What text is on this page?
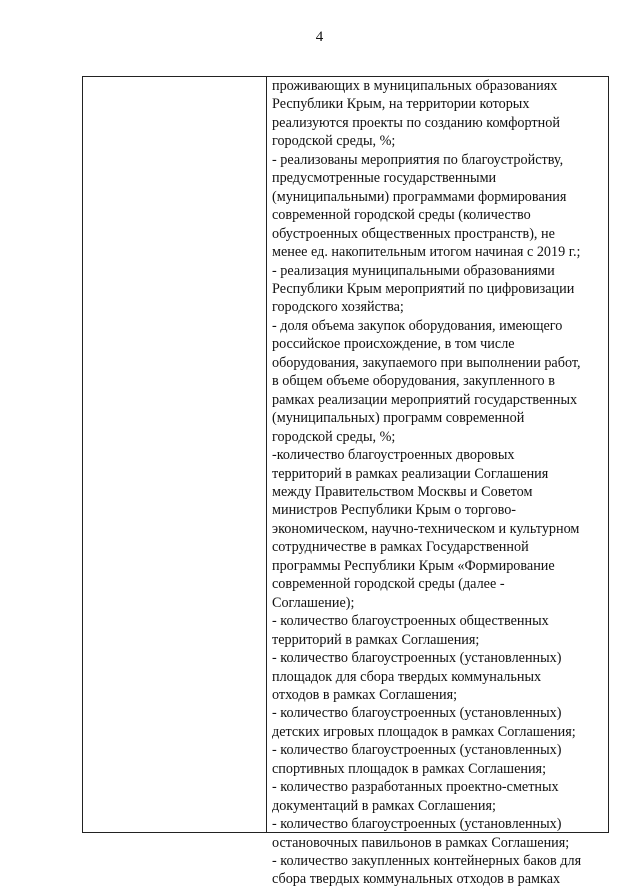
4
проживающих в муниципальных образованиях
Республики Крым, на территории которых
реализуются проекты по созданию комфортной
городской среды, %;
- реализованы мероприятия по благоустройству,
предусмотренные государственными
(муниципальными) программами формирования
современной городской среды (количество
обустроенных общественных пространств), не
менее ед. накопительным итогом начиная с 2019 г.;
- реализация муниципальными образованиями
Республики Крым мероприятий по цифровизации
городского хозяйства;
- доля объема закупок оборудования, имеющего
российское происхождение, в том числе
оборудования, закупаемого при выполнении работ,
в общем объеме оборудования, закупленного в
рамках реализации мероприятий государственных
(муниципальных) программ современной
городской среды, %;
-количество благоустроенных дворовых
территорий в рамках реализации Соглашения
между Правительством Москвы и Советом
министров Республики Крым о торгово-
экономическом, научно-техническом и культурном
сотрудничестве в рамках Государственной
программы Республики Крым «Формирование
современной городской среды (далее -
Соглашение);
- количество благоустроенных общественных
территорий в рамках Соглашения;
- количество благоустроенных (установленных)
площадок для сбора твердых коммунальных
отходов в рамках Соглашения;
- количество благоустроенных (установленных)
детских игровых площадок в рамках Соглашения;
- количество благоустроенных (установленных)
спортивных площадок в рамках Соглашения;
- количество разработанных проектно-сметных
документаций в рамках Соглашения;
- количество благоустроенных (установленных)
остановочных павильонов в рамках Соглашения;
- количество закупленных контейнерных баков для
сбора твердых коммунальных отходов в рамках
